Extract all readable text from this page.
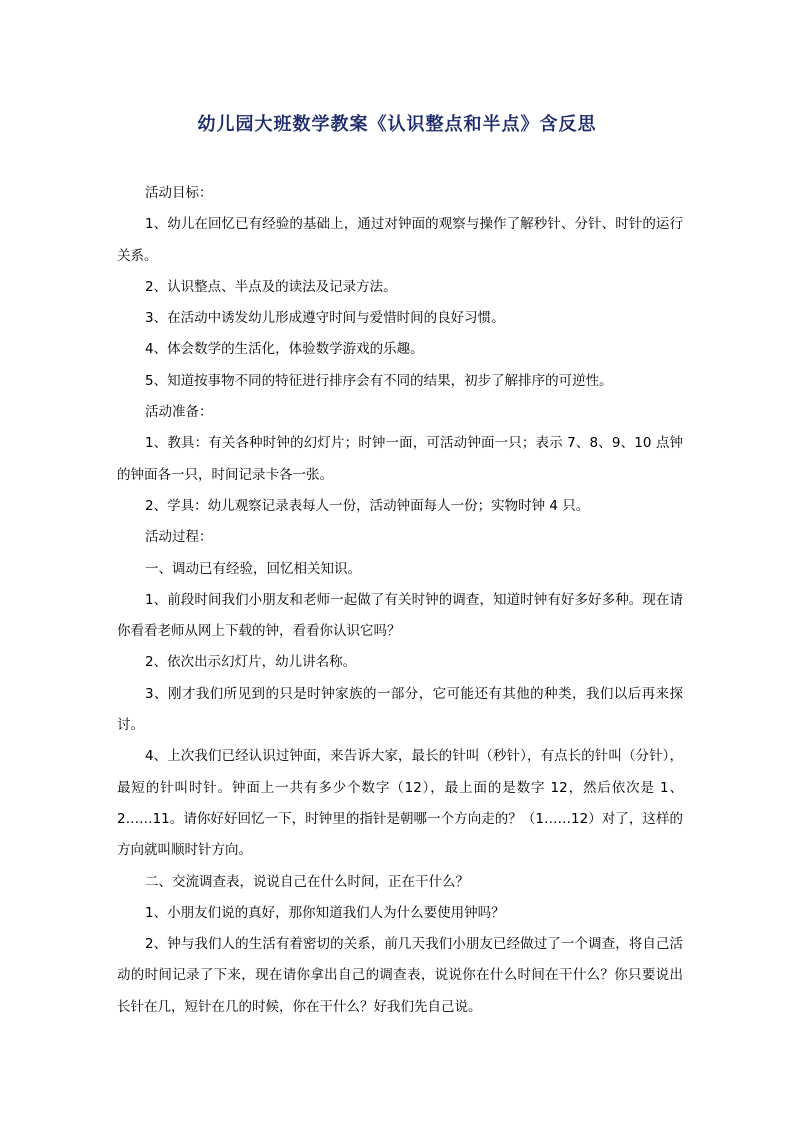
幼儿园大班数学教案《认识整点和半点》含反思

活动目标：

1、幼儿在回忆已有经验的基础上，通过对钟面的观察与操作了解秒针、分针、时针的运行关系。

2、认识整点、半点及的读法及记录方法。

3、在活动中诱发幼儿形成遵守时间与爱惜时间的良好习惯。

4、体会数学的生活化，体验数学游戏的乐趣。

5、知道按事物不同的特征进行排序会有不同的结果，初步了解排序的可逆性。

活动准备：

1、教具：有关各种时钟的幻灯片；时钟一面，可活动钟面一只；表示 7、8、9、10 点钟的钟面各一只，时间记录卡各一张。

2、学具：幼儿观察记录表每人一份，活动钟面每人一份；实物时钟 4 只。

活动过程：

一、调动已有经验，回忆相关知识。

1、前段时间我们小朋友和老师一起做了有关时钟的调查，知道时钟有好多好多种。现在请你看看老师从网上下载的钟，看看你认识它吗？

2、依次出示幻灯片，幼儿讲名称。

3、刚才我们所见到的只是时钟家族的一部分，它可能还有其他的种类，我们以后再来探讨。

4、上次我们已经认识过钟面，来告诉大家，最长的针叫（秒针），有点长的针叫（分针），最短的针叫时针。钟面上一共有多少个数字（12），最上面的是数字 12，然后依次是 1、2……11。请你好好回忆一下，时钟里的指针是朝哪一个方向走的？（1……12）对了，这样的方向就叫顺时针方向。

二、交流调查表，说说自己在什么时间，正在干什么？

1、小朋友们说的真好，那你知道我们人为什么要使用钟吗？

2、钟与我们人的生活有着密切的关系，前几天我们小朋友已经做过了一个调查，将自己活动的时间记录了下来，现在请你拿出自己的调查表，说说你在什么时间在干什么？你只要说出长针在几，短针在几的时候，你在干什么？好我们先自己说。
